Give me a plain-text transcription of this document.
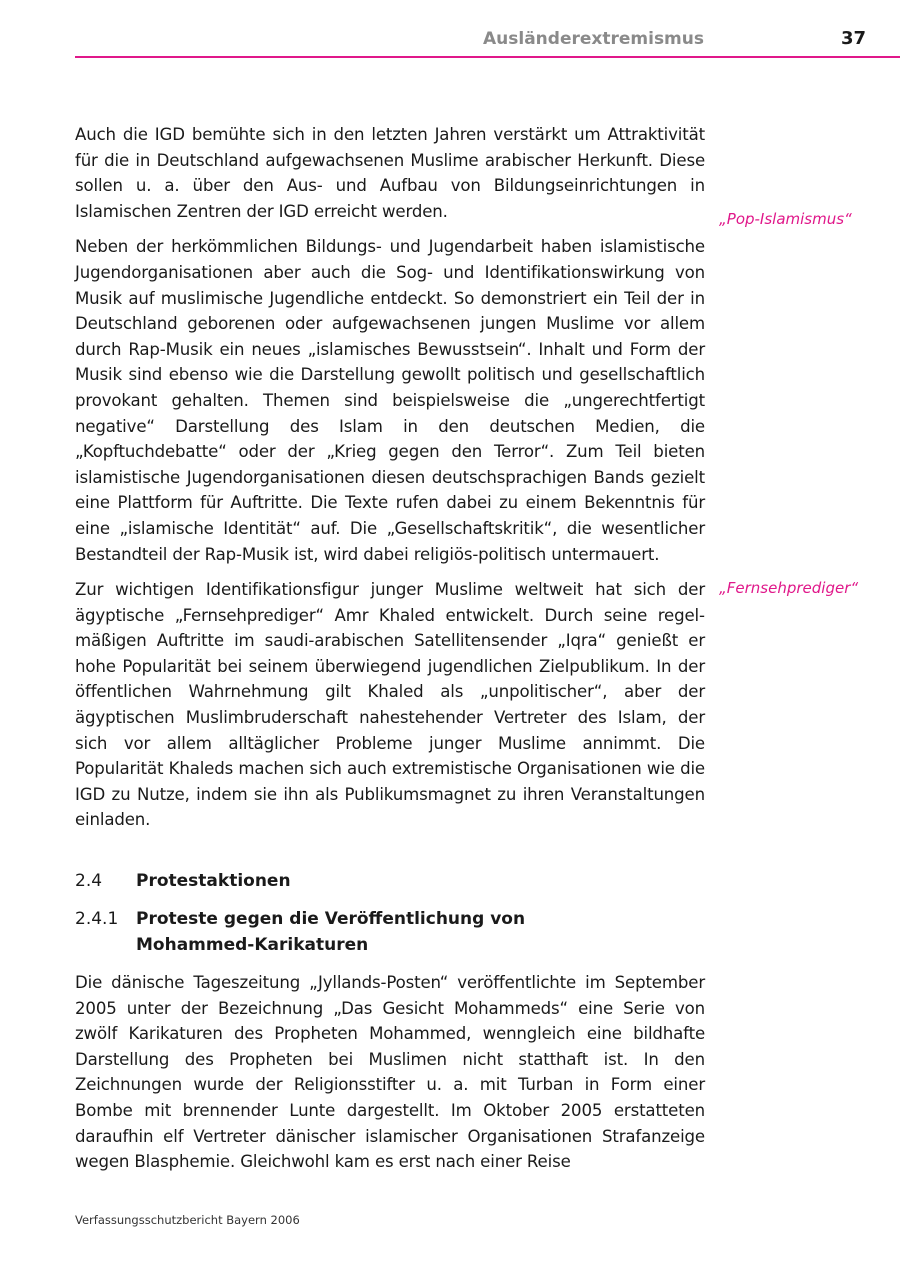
Ausländerextremismus	37

Auch die IGD bemühte sich in den letzten Jahren verstärkt um Attraktivität für die in Deutschland aufgewachsenen Muslime arabischer Herkunft. Diese sollen u. a. über den Aus- und Aufbau von Bildungseinrichtungen in Islamischen Zentren der IGD erreicht werden.

Neben der herkömmlichen Bildungs- und Jugendarbeit haben islamistische Jugendorganisationen aber auch die Sog- und Identifikationswirkung von Musik auf muslimische Jugendliche entdeckt. So demonstriert ein Teil der in Deutschland geborenen oder aufgewachsenen jungen Muslime vor allem durch Rap-Musik ein neues „islamisches Bewusstsein“. Inhalt und Form der Musik sind ebenso wie die Darstellung gewollt politisch und gesellschaftlich provokant gehalten. Themen sind beispielsweise die „ungerechtfertigt negative“ Darstellung des Islam in den deutschen Medien, die „Kopftuchdebatte“ oder der „Krieg gegen den Terror“. Zum Teil bieten islamistische Jugendorganisationen diesen deutschsprachigen Bands gezielt eine Plattform für Auftritte. Die Texte rufen dabei zu einem Bekenntnis für eine „islamische Identität“ auf. Die „Gesellschaftskritik“, die wesentlicher Bestandteil der Rap-Musik ist, wird dabei religiös-politisch untermauert.

Zur wichtigen Identifikationsfigur junger Muslime weltweit hat sich der ägyptische „Fernsehprediger“ Amr Khaled entwickelt. Durch seine regelmäßigen Auftritte im saudi-arabischen Satellitensender „Iqra“ genießt er hohe Popularität bei seinem überwiegend jugendlichen Zielpublikum. In der öffentlichen Wahrnehmung gilt Khaled als „unpolitischer“, aber der ägyptischen Muslimbruderschaft nahestehender Vertreter des Islam, der sich vor allem alltäglicher Probleme junger Muslime annimmt. Die Popularität Khaleds machen sich auch extremistische Organisationen wie die IGD zu Nutze, indem sie ihn als Publikumsmagnet zu ihren Veranstaltungen einladen.

„Pop-Islamismus“
„Fernsehprediger“
2.4 Protestaktionen
2.4.1 Proteste gegen die Veröffentlichung von Mohammed-Karikaturen

Die dänische Tageszeitung „Jyllands-Posten“ veröffentlichte im September 2005 unter der Bezeichnung „Das Gesicht Mohammeds“ eine Serie von zwölf Karikaturen des Propheten Mohammed, wenngleich eine bildhafte Darstellung des Propheten bei Muslimen nicht statthaft ist. In den Zeichnungen wurde der Religionsstifter u. a. mit Turban in Form einer Bombe mit brennender Lunte dargestellt. Im Oktober 2005 erstatteten daraufhin elf Vertreter dänischer islamischer Organisationen Strafanzeige wegen Blasphemie. Gleichwohl kam es erst nach einer Reise

Verfassungsschutzbericht Bayern 2006
